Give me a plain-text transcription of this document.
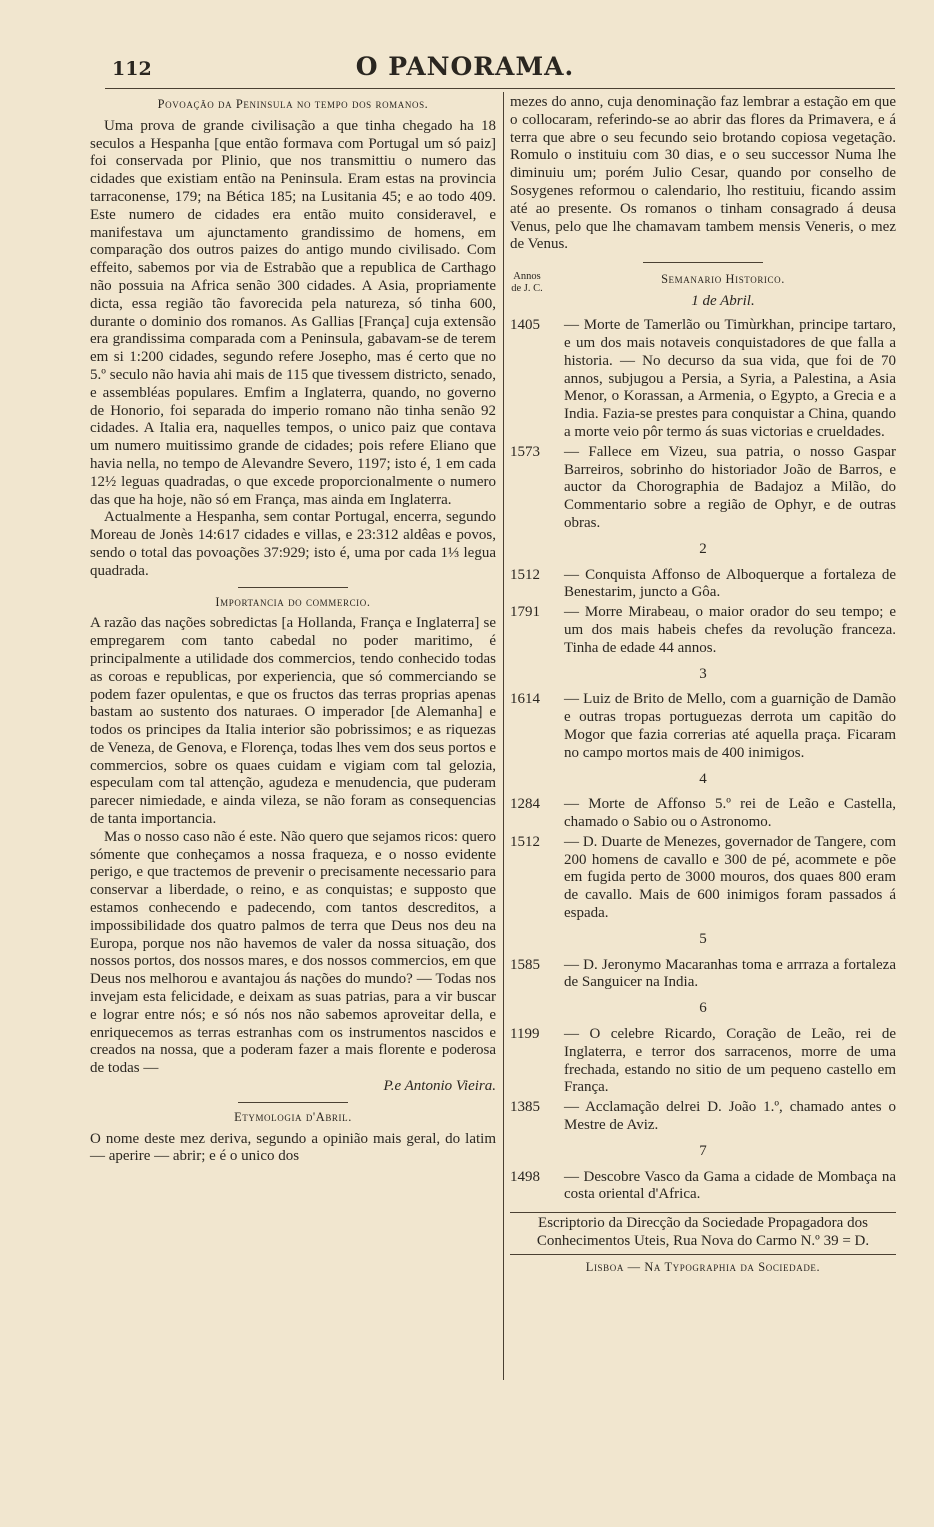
112	O PANORAMA.
Povoação da Peninsula no tempo dos romanos.

Uma prova de grande civilisação a que tinha chegado ha 18 seculos a Hespanha [que então formava com Portugal um só paiz] foi conservada por Plinio, que nos transmittiu o numero das cidades que existiam então na Peninsula. Eram estas na provincia tarraconense, 179; na Bética 185; na Lusitania 45; e ao todo 409. Este numero de cidades era então muito consideravel, e manifestava um ajunctamento grandissimo de homens, em comparação dos outros paizes do antigo mundo civilisado. Com effeito, sabemos por via de Estrabão que a republica de Carthago não possuia na Africa senão 300 cidades. A Asia, propriamente dicta, essa região tão favorecida pela natureza, só tinha 600, durante o dominio dos romanos. As Gallias [França] cuja extensão era grandissima comparada com a Peninsula, gabavam-se de terem em si 1:200 cidades, segundo refere Josepho, mas é certo que no 5.º seculo não havia ahi mais de 115 que tivessem districto, senado, e assembléas populares. Emfim a Inglaterra, quando, no governo de Honorio, foi separada do imperio romano não tinha senão 92 cidades. A Italia era, naquelles tempos, o unico paiz que contava um numero muitissimo grande de cidades; pois refere Eliano que havia nella, no tempo de Alevandre Severo, 1197; isto é, 1 em cada 12½ leguas quadradas, o que excede proporcionalmente o numero das que ha hoje, não só em França, mas ainda em Inglaterra.

Actualmente a Hespanha, sem contar Portugal, encerra, segundo Moreau de Jonès 14:617 cidades e villas, e 23:312 aldêas e povos, sendo o total das povoações 37:929; isto é, uma por cada 1⅓ legua quadrada.

Importancia do commercio.

A razão das nações sobredictas [a Hollanda, França e Inglaterra] se empregarem com tanto cabedal no poder maritimo, é principalmente a utilidade dos commercios, tendo conhecido todas as coroas e republicas, por experiencia, que só commerciando se podem fazer opulentas, e que os fructos das terras proprias apenas bastam ao sustento dos naturaes. O imperador [de Alemanha] e todos os principes da Italia interior são pobrissimos; e as riquezas de Veneza, de Genova, e Florença, todas lhes vem dos seus portos e commercios, sobre os quaes cuidam e vigiam com tal gelozia, especulam com tal attenção, agudeza e menudencia, que puderam parecer nimiedade, e ainda vileza, se não foram as consequencias de tanta importancia.

Mas o nosso caso não é este. Não quero que sejamos ricos: quero sómente que conheçamos a nossa fraqueza, e o nosso evidente perigo, e que tractemos de prevenir o precisamente necessario para conservar a liberdade, o reino, e as conquistas; e supposto que estamos conhecendo e padecendo, com tantos descreditos, a impossibilidade dos quatro palmos de terra que Deus nos deu na Europa, porque nos não havemos de valer da nossa situação, dos nossos portos, dos nossos mares, e dos nossos commercios, em que Deus nos melhorou e avantajou ás nações do mundo? — Todas nos invejam esta felicidade, e deixam as suas patrias, para a vir buscar e lograr entre nós; e só nós nos não sabemos aproveitar della, e enriquecemos as terras estranhas com os instrumentos nascidos e creados na nossa, que a poderam fazer a mais florente e poderosa de todas —

P.e Antonio Vieira.
Etymologia d'Abril.

O nome deste mez deriva, segundo a opinião mais geral, do latim — aperire — abrir; e é o unico dos

mezes do anno, cuja denominação faz lembrar a estação em que o collocaram, referindo-se ao abrir das flores da Primavera, e á terra que abre o seu fecundo seio brotando copiosa vegetação. Romulo o instituiu com 30 dias, e o seu successor Numa lhe diminuiu um; porém Julio Cesar, quando por conselho de Sosygenes reformou o calendario, lho restituiu, ficando assim até ao presente. Os romanos o tinham consagrado á deusa Venus, pelo que lhe chamavam tambem mensis Veneris, o mez de Venus.

Annos de J. C.
Semanario Historico.
1 de Abril.
1405	— Morte de Tamerlão ou Timùrkhan, principe tartaro, e um dos mais notaveis conquistadores de que falla a historia. — No decurso da sua vida, que foi de 70 annos, subjugou a Persia, a Syria, a Palestina, a Asia Menor, o Korassan, a Armenia, o Egypto, a Grecia e a India. Fazia-se prestes para conquistar a China, quando a morte veio pôr termo ás suas victorias e crueldades.
1573	— Fallece em Vizeu, sua patria, o nosso Gaspar Barreiros, sobrinho do historiador João de Barros, e auctor da Chorographia de Badajoz a Milão, do Commentario sobre a região de Ophyr, e de outras obras.
2
1512	— Conquista Affonso de Alboquerque a fortaleza de Benestarim, juncto a Gôa.
1791	— Morre Mirabeau, o maior orador do seu tempo; e um dos mais habeis chefes da revolução franceza. Tinha de edade 44 annos.
3
1614	— Luiz de Brito de Mello, com a guarnição de Damão e outras tropas portuguezas derrota um capitão do Mogor que fazia correrias até aquella praça. Ficaram no campo mortos mais de 400 inimigos.
4
1284	— Morte de Affonso 5.º rei de Leão e Castella, chamado o Sabio ou o Astronomo.
1512	— D. Duarte de Menezes, governador de Tangere, com 200 homens de cavallo e 300 de pé, acommete e põe em fugida perto de 3000 mouros, dos quaes 800 eram de cavallo. Mais de 600 inimigos foram passados á espada.
5
1585	— D. Jeronymo Macaranhas toma e arrraza a fortaleza de Sanguicer na India.
6
1199	— O celebre Ricardo, Coração de Leão, rei de Inglaterra, e terror dos sarracenos, morre de uma frechada, estando no sitio de um pequeno castello em França.
1385	— Acclamação delrei D. João 1.º, chamado antes o Mestre de Aviz.
7
1498	— Descobre Vasco da Gama a cidade de Mombaça na costa oriental d'Africa.
Escriptorio da Direcção da Sociedade Propagadora dos Conhecimentos Uteis, Rua Nova do Carmo N.º 39 = D.
Lisboa — Na Typographia da Sociedade.
